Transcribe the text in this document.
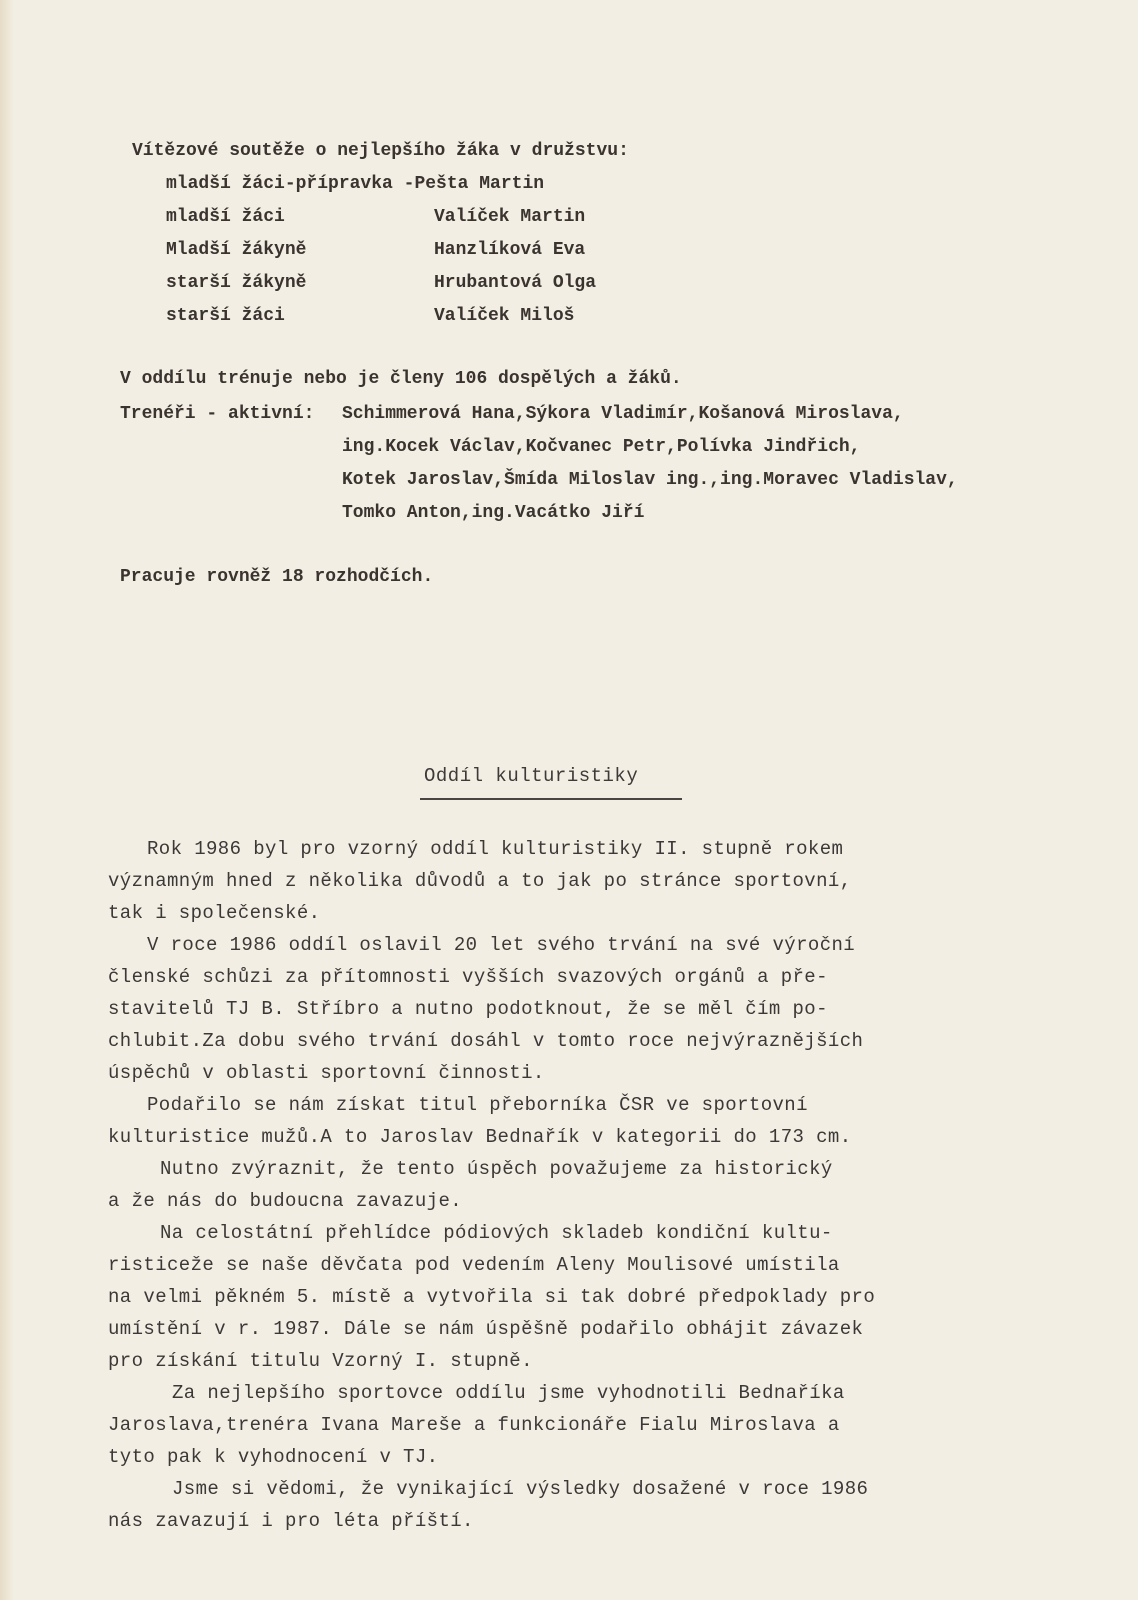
Vítězové soutěže o nejlepšího žáka v družstvu:
mladší žáci-přípravka -Pešta Martin
mladší žáci	Valíček Martin
Mladší žákyně	Hanzlíková Eva
starší žákyně	Hrubantová Olga
starší žáci	Valíček Miloš
V oddílu trénuje nebo je členy 106 dospělých a žáků.
Trenéři - aktivní: Schimmerová Hana,Sýkora Vladimír,Košanová Miroslava,
ing.Kocek Václav,Kočvanec Petr,Polívka Jindřich,
Kotek Jaroslav,Šmída Miloslav ing.,ing.Moravec Vladislav,
Tomko Anton,ing.Vacátko Jiří
Pracuje rovněž 18 rozhodčích.
Oddíl kulturistiky
Rok 1986 byl pro vzorný oddíl kulturistiky II. stupně rokem
významným hned z několika důvodů a to jak po stránce sportovní,
tak i společenské.
V roce 1986 oddíl oslavil 20 let svého trvání na své výroční
členské schůzi za přítomnosti vyšších svazových orgánů a pře-
stavitelů TJ B. Stříbro a nutno podotknout, že se měl čím po-
chlubit.Za dobu svého trvání dosáhl v tomto roce nejvýraznějších
úspěchů v oblasti sportovní činnosti.
Podařilo se nám získat titul přeborníka ČSR ve sportovní
kulturistice mužů.A to Jaroslav Bednařík v kategorii do 173 cm.
Nutno zvýraznit, že tento úspěch považujeme za historický
a že nás do budoucna zavazuje.
Na celostátní přehlídce pódiových skladeb kondiční kultu-
risticeže se naše děvčata pod vedením Aleny Moulisové umístila
na velmi pěkném 5. místě a vytvořila si tak dobré předpoklady pro
umístění v r. 1987. Dále se nám úspěšně podařilo obhájit závazek
pro získání titulu Vzorný I. stupně.
Za nejlepšího sportovce oddílu jsme vyhodnotili Bednaříka
Jaroslava,trenéra Ivana Mareše a funkcionáře Fialu Miroslava a
tyto pak k vyhodnocení v TJ.
Jsme si vědomi, že vynikající výsledky dosažené v roce 1986
nás zavazují i pro léta příští.
